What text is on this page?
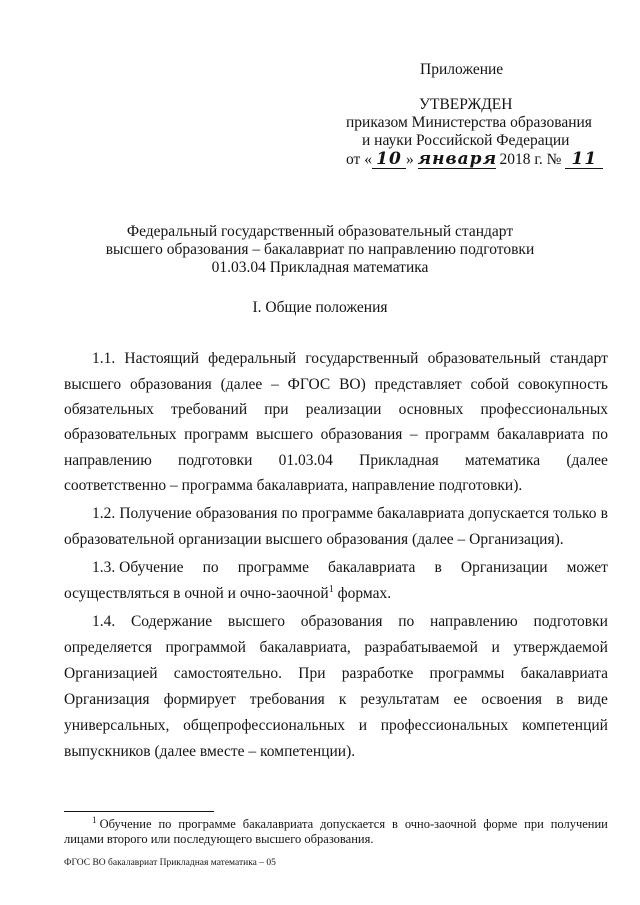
Приложение
УТВЕРЖДЕН
приказом Министерства образования
и науки Российской Федерации
от « 10 » января 2018 г. № 11
Федеральный государственный образовательный стандарт
высшего образования – бакалавриат по направлению подготовки
01.03.04 Прикладная математика
I. Общие положения
1.1. Настоящий федеральный государственный образовательный стандарт
высшего образования (далее – ФГОС ВО) представляет собой совокупность
обязательных требований при реализации основных профессиональных
образовательных программ высшего образования – программ бакалавриата по
направлению подготовки 01.03.04 Прикладная математика (далее
соответственно – программа бакалавриата, направление подготовки).
1.2. Получение образования по программе бакалавриата допускается только в
образовательной организации высшего образования (далее – Организация).
1.3. Обучение по программе бакалавриата в Организации может
осуществляться в очной и очно-заочной$^1$ формах.
1.4. Содержание высшего образования по направлению подготовки
определяется программой бакалавриата, разрабатываемой и утверждаемой
Организацией самостоятельно. При разработке программы бакалавриата
Организация формирует требования к результатам ее освоения в виде
универсальных, общепрофессиональных и профессиональных компетенций
выпускников (далее вместе – компетенции).
$^1$ Обучение по программе бакалавриата допускается в очно-заочной форме при получении
лицами второго или последующего высшего образования.
ФГОС ВО бакалавриат Прикладная математика – 05
